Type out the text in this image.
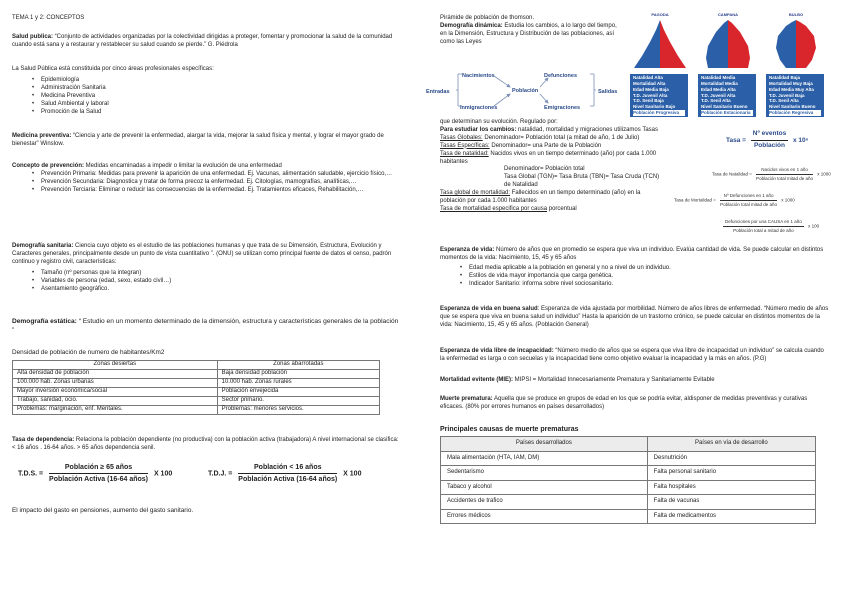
TEMA 1 y 2: CONCEPTOS

Salud publica: “Conjunto de actividades organizadas por la colectividad dirigidas a proteger, fomentar y promocionar la salud de la comunidad cuando está sana y a restaurar y restablecer su salud cuando se pierde.” G. Piédrola

La Salud Pública está constituida por cinco áreas profesionales específicas:

• Epidemiología
• Administración Sanitaria
• Medicina Preventiva
• Salud Ambiental y laboral
• Promoción de la Salud

Medicina preventiva: “Ciencia y arte de prevenir la enfermedad, alargar la vida, mejorar la salud física y mental, y lograr el mayor grado de bienestar” Winslow.

Concepto de prevención: Medidas encaminadas a impedir o limitar la evolución de una enfermedad

• Prevención Primaria: Medidas para prevenir la aparición de una enfermedad. Ej. Vacunas, alimentación saludable, ejercicio físico,…
• Prevención Secundaria: Diagnostica y tratar de forma precoz la enfermedad. Ej. Citologías, mamografías, analíticas,…
• Prevención Terciaria: Eliminar o reducir las consecuencias de la enfermedad. Ej. Tratamientos eficaces, Rehabilitación,…

Demografía sanitaria: Ciencia cuyo objeto es el estudio de las poblaciones humanas y que trata de su Dimensión, Estructura, Evolución y Caracteres generales, principalmente desde un punto de vista cuantitativo ”. (ONU) se utilizan como principal fuente de datos el censo, padrón continuo y registro civil, características:

• Tamaño (nº personas que la integran)
• Variables de persona (edad, sexo, estado civil…)
• Asentamiento geográfico.

Demografía estática: “ Estudio en un momento determinado de la dimensión, estructura y características generales de la población ”

Densidad de población de numero de habitantes/Km2

Zonas desiertas	Zonas abarrotadas
Alta densidad de población	Baja densidad población
100.000 hab. Zonas urbanas	10.000 hab. Zonas rurales
Mayor inversión económica/social	Población envejecida
Trabajo, sanidad, ocio.	Sector primario.
Problemas: marginación, enf. Mentales.	Problemas: menores servicios.

Tasa de dependencia: Relaciona la población dependiente (no productiva) con la población activa (trabajadora) A nivel internacional se clasifica: < 16 años . 16-64 años. > 65 años dependencia senil.

T.D.S. = $\frac{\text{Población ≥ 65 años}}{\text{Población Activa (16-64 años)}}$ X 100	T.D.J. = $\frac{\text{Población < 16 años}}{\text{Población Activa (16-64 años)}}$ X 100

El impacto del gasto en pensiones, aumento del gasto sanitario.

Pirámide de población de thomson.

Demografía dinámica: Estudia los cambios, a lo largo del tiempo, en la Dimensión, Estructura y Distribución de las poblaciones, así como las Leyes

PAGODA	CAMPANA	BULBO
Natalidad Alta
Mortalidad Alta
Edad Media Baja
T.D. Juvenil Alta
T.D. Senil Baja
Nivel Sanitario Bajo
Población Progresiva
Natalidad Media
Mortalidad Media
Edad Media Alta
T.D. Juvenil Alta
T.D. Senil Alta
Nivel Sanitario Bueno
Población Estacionaria
Natalidad Baja
Mortalidad Muy Baja
Edad Media Muy Alta
T.D. Juvenil Baja
T.D. Senil Alta
Nivel Sanitario Bueno
Población Regresiva
Entradas
Nacimientos	Defunciones
Población
Inmigraciones	Emigraciones
Salidas

que determinan su evolución. Regulado por:

Para estudiar los cambios: natalidad, mortalidad y migraciones utilizamos Tasas

Tasas Globales: Denominador= Población total (a mitad de año, 1 de Julio)

Tasas Específicas: Denominador= una Parte de la Población

Tasa de natalidad: Nacidos vivos en un tiempo determinado (año) por cada 1.000 habitantes

Denominador= Población total

Tasa Global (TGN)= Tasa Bruta (TBN)= Tasa Cruda (TCN) de Natalidad

Tasa global de mortalidad: Fallecidos en un tiempo determinado (año) en la población por cada 1.000 habitantes

Tasa de mortalidad especifica por causa porcentual

Tasa = $\frac{\text{Nº eventos}}{\text{Población}}$ x 10ⁿ
Tasa de Natalidad = $\frac{\text{Nacidos vivos en 1 año}}{\text{Población total mitad de año}}$ x 1000
Tasa de Mortalidad = $\frac{\text{Nº Defunciones en 1 año}}{\text{Población total mitad de año}}$ x 1000
$\frac{\text{Defunciones por una CAUSA en 1 año}}{\text{Población total a mitad de año}}$ x 100

Esperanza de vida: Número de años que en promedio se espera que viva un individuo. Evalúa cantidad de vida. Se puede calcular en distintos momentos de la vida: Nacimiento, 15, 45 y 65 años

• Edad media aplicable a la población en general y no a nivel de un individuo.
• Estilos de vida mayor importancia que carga genética.
• Indicador Sanitario: informa sobre nivel sociosanitario.

Esperanza de vida en buena salud: Esperanza de vida ajustada por morbilidad. Número de años libres de enfermedad. “Número medio de años que se espera que viva en buena salud un individuo” Hasta la aparición de un trastorno crónico, se puede calcular en distintos momentos de la vida: Nacimiento, 15, 45 y 65 años. (Población General)

Esperanza de vida libre de incapacidad: “Número medio de años que se espera que viva libre de incapacidad un individuo” se calcula cuando la enfermedad es larga o con secuelas y la incapacidad tiene como objetivo evaluar la incapacidad y la más en años. (P.G)

Mortalidad evitente (MIE): MIPSI = Mortalidad Innecesariamente Prematura y Sanitariamente Evitable

Muerte prematura: Aquella que se produce en grupos de edad en los que se podría evitar, aldisponer de medidas preventivas y curativas eficaces. (80% por errores humanos en países desarrollados)

Principales causas de muerte prematuras

Países desarrollados	Países en vía de desarrollo
Mala alimentación (HTA, IAM, DM)	Desnutrición
Sedentarismo	Falta personal sanitario
Tabaco y alcohol	Falta hospitales
Accidentes de trafico	Falta de vacunas
Errores médicos	Falta de medicamentos
